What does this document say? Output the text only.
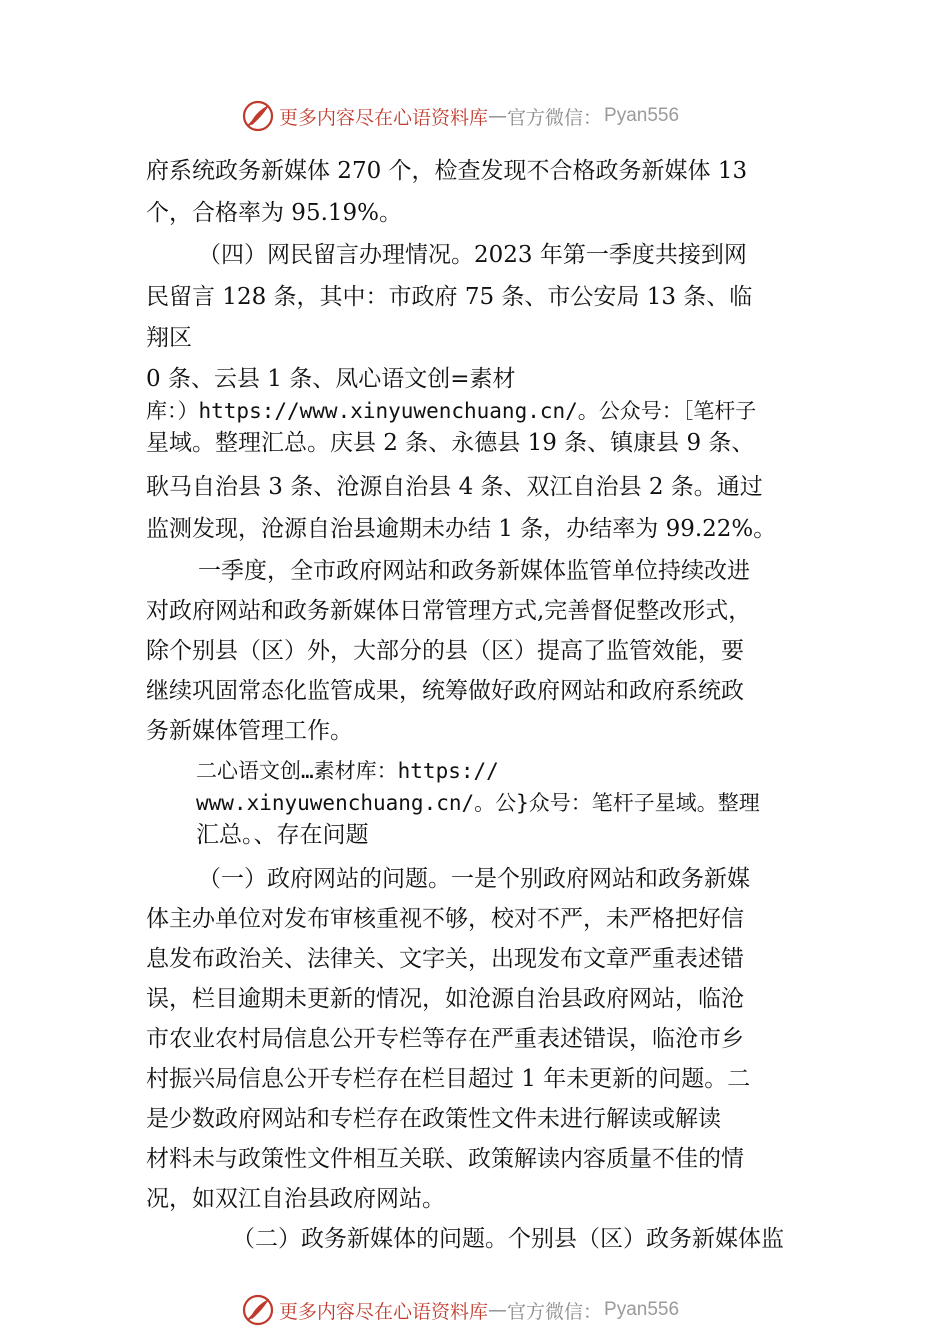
更多内容尽在心语资料库 — 官方微信： Pyan556
府系统政务新媒体 270 个，检查发现不合格政务新媒体 13
个，合格率为 95.19%。
（四）网民留言办理情况。2023 年第一季度共接到网
民留言 128 条，其中：市政府 75 条、市公安局 13 条、临
翔区
0 条、云县 1 条、凤心语文创=素材
库：）https://www.xinyuwenchuang.cn/。公众号：［笔杆子
星域。整理汇总。庆县 2 条、永德县 19 条、镇康县 9 条、
耿马自治县 3 条、沧源自治县 4 条、双江自治县 2 条。通过
监测发现，沧源自治县逾期未办结 1 条，办结率为 99.22%。
一季度，全市政府网站和政务新媒体监管单位持续改进
对政府网站和政务新媒体日常管理方式,完善督促整改形式，
除个别县（区）外，大部分的县（区）提高了监管效能，要
继续巩固常态化监管成果，统筹做好政府网站和政府系统政
务新媒体管理工作。
二心语文创…素材库：https://
www.xinyuwenchuang.cn/。公}众号：笔杆子星域。整理
汇总。、存在问题
（一）政府网站的问题。一是个别政府网站和政务新媒
体主办单位对发布审核重视不够，校对不严，未严格把好信
息发布政治关、法律关、文字关，出现发布文章严重表述错
误，栏目逾期未更新的情况，如沧源自治县政府网站，临沧
市农业农村局信息公开专栏等存在严重表述错误，临沧市乡
村振兴局信息公开专栏存在栏目超过 1 年未更新的问题。二
是少数政府网站和专栏存在政策性文件未进行解读或解读
材料未与政策性文件相互关联、政策解读内容质量不佳的情
况，如双江自治县政府网站。
（二）政务新媒体的问题。个别县（区）政务新媒体监
更多内容尽在心语资料库 — 官方微信： Pyan556
